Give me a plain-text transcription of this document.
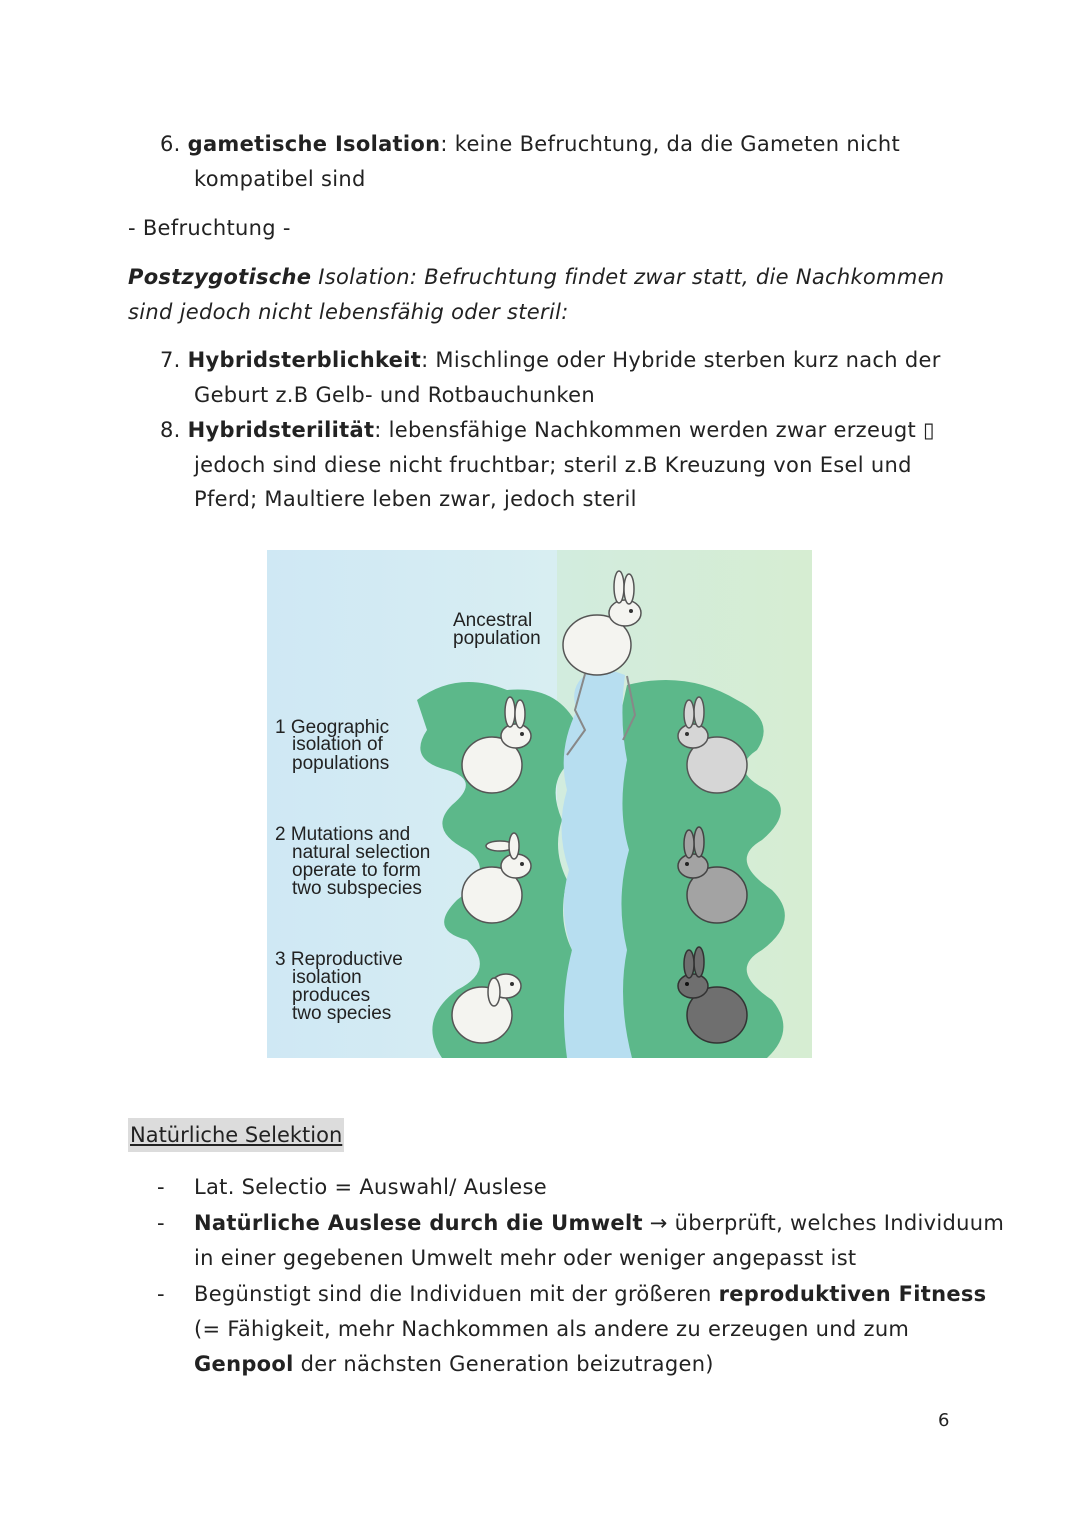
6. gametische Isolation: keine Befruchtung, da die Gameten nicht
kompatibel sind
- Befruchtung -
Postzygotische Isolation: Befruchtung findet zwar statt, die Nachkommen
sind jedoch nicht lebensfähig oder steril:
7. Hybridsterblichkeit: Mischlinge oder Hybride sterben kurz nach der
Geburt z.B Gelb- und Rotbauchunken
8. Hybridsterilität: lebensfähige Nachkommen werden zwar erzeugt ▯
jedoch sind diese nicht fruchtbar; steril z.B Kreuzung von Esel und
Pferd; Maultiere leben zwar, jedoch steril
Ancestral
population
1 Geographic
isolation of
populations
2 Mutations and
natural selection
operate to form
two subspecies
3 Reproductive
isolation
produces
two species
Natürliche Selektion
- Lat. Selectio = Auswahl/ Auslese
- Natürliche Auslese durch die Umwelt → überprüft, welches Individuum
in einer gegebenen Umwelt mehr oder weniger angepasst ist
- Begünstigt sind die Individuen mit der größeren reproduktiven Fitness
(= Fähigkeit, mehr Nachkommen als andere zu erzeugen und zum
Genpool der nächsten Generation beizutragen)
6
